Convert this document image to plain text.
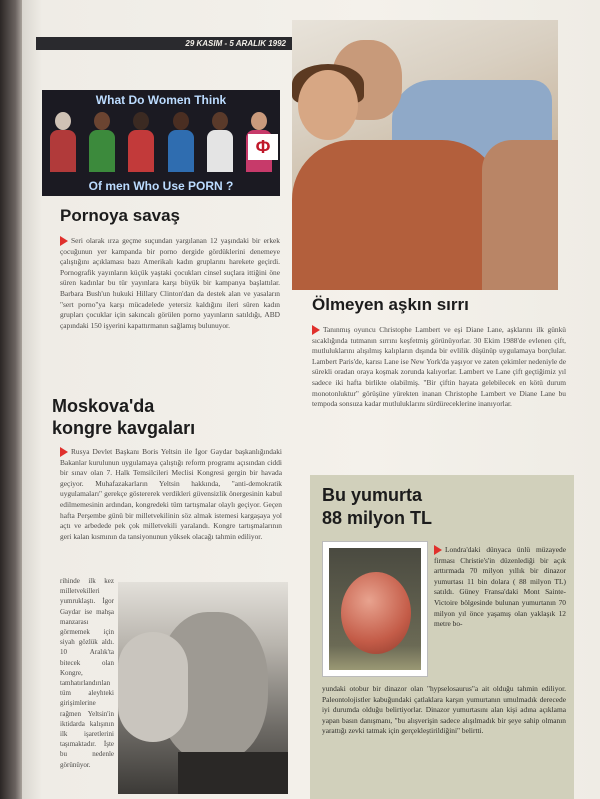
29 KASIM - 5 ARALIK 1992
What Do Women Think
Φ
Of men Who Use PORN ?
Pornoya savaş
Seri olarak ırza geçme suçundan yargılanan 12 yaşındaki bir erkek çocuğunun yer kampanda bir porno dergide gördüklerini denemeye çalıştığını açıklaması bazı Amerikalı kadın gruplarını harekete geçirdi. Pornografik yayınların küçük yaştaki çocukları cinsel suçlara ittiğini öne süren kadınlar bu tür yayınlara karşı büyük bir kampanya başlattılar. Barbara Bush'un hukuki Hillary Clinton'dan da destek alan ve yasaların "sert porno"ya karşı mücadelede yetersiz kaldığını ileri süren kadın grupları çocuklar için sakıncalı görülen porno yayınların satıldığı, ABD çapındaki 150 işyerini kapattırmanın sağlamış bulunuyor.
Moskova'da
kongre kavgaları
Rusya Devlet Başkanı Boris Yeltsin ile İgor Gaydar başkanlığındaki Bakanlar kurulunun uygulamaya çalıştığı reform programı açısından ciddi bir sınav olan 7. Halk Temsilcileri Meclisi Kongresi gergin bir havada geçiyor. Muhafazakarların Yeltsin hakkında, "anti-demokratik uygulamaları" gerekçe göstererek verdikleri güvensizlik önergesinin kabul edilmemesinin ardından, kongredeki tüm tartışmalar olaylı geçiyor. Geçen hafta Perşembe günü bir milletvekilinin söz almak istemesi kargaşaya yol açtı ve arbedede pek çok milletvekili yaralandı. Kongre tartışmalarının geri kalan kısmının da tansiyonunun yüksek olacağı tahmin ediliyor.
rihinde ilk kez milletvekilleri yumruklaştı. İgor Gaydar ise mahşa manzarası görmemek için siyah gözlük aldı. 10 Aralık'ta bitecek olan Kongre, tamhatırlandırılan tüm aleyhteki girişimlerine rağmen Yeltsin'in iktidarda kalışının ilk işaretlerini taşımaktadır. İşte bu nedenle görünüyor.
Ölmeyen aşkın sırrı
Tanınmış oyuncu Christophe Lambert ve eşi Diane Lane, aşklarını ilk günkü sıcaklığında tutmanın sırrını keşfetmiş görünüyorlar. 30 Ekim 1988'de evlenen çift, mutluluklarını alışılmış kalıpların dışında bir evlilik düşünüp uygulamaya borçlular. Lambert Paris'de, karısı Lane ise New York'da yaşıyor ve zaten çekimler nedeniyle de sürekli oradan oraya koşmak zorunda kalıyorlar. Lambert ve Lane çift geçtiğimiz yıl sadece iki hafta birlikte olabilmiş. "Bir çiftin hayata gelebilecek en kötü durum monotonluktur" görüşüne yürekten inanan Christophe Lambert ve Diane Lane bu tempoda sonsuza kadar mutluluklarını sürdüreceklerine inanıyorlar.
Bu yumurta
88 milyon TL
Londra'daki dünyaca ünlü müzayede firması Christie's'in düzenlediği bir açık arttırmada 70 milyon yıllık bir dinazor yumurtası 11 bin dolara ( 88 milyon TL) satıldı. Güney Fransa'daki Mont Sainte-Victoire bölgesinde bulunan yumurtanın 70 milyon yıl önce yaşamış olan yaklaşık 12 metre bo-
yundaki otobur bir dinazor olan "hypselosaurus"a ait olduğu tahmin ediliyor. Paleontolojistler kabuğundaki çatlaklara karşın yumurtanın umulmadık derecede iyi durumda olduğu belirtiyorlar. Dinazor yumurtasını alan kişi adına açıklama yapan basın danışmanı, "bu alışverişin sadece alışılmadık bir şeye sahip olmanın yarattığı zevki tatmak için gerçekleştirildiğini" belirtti.
